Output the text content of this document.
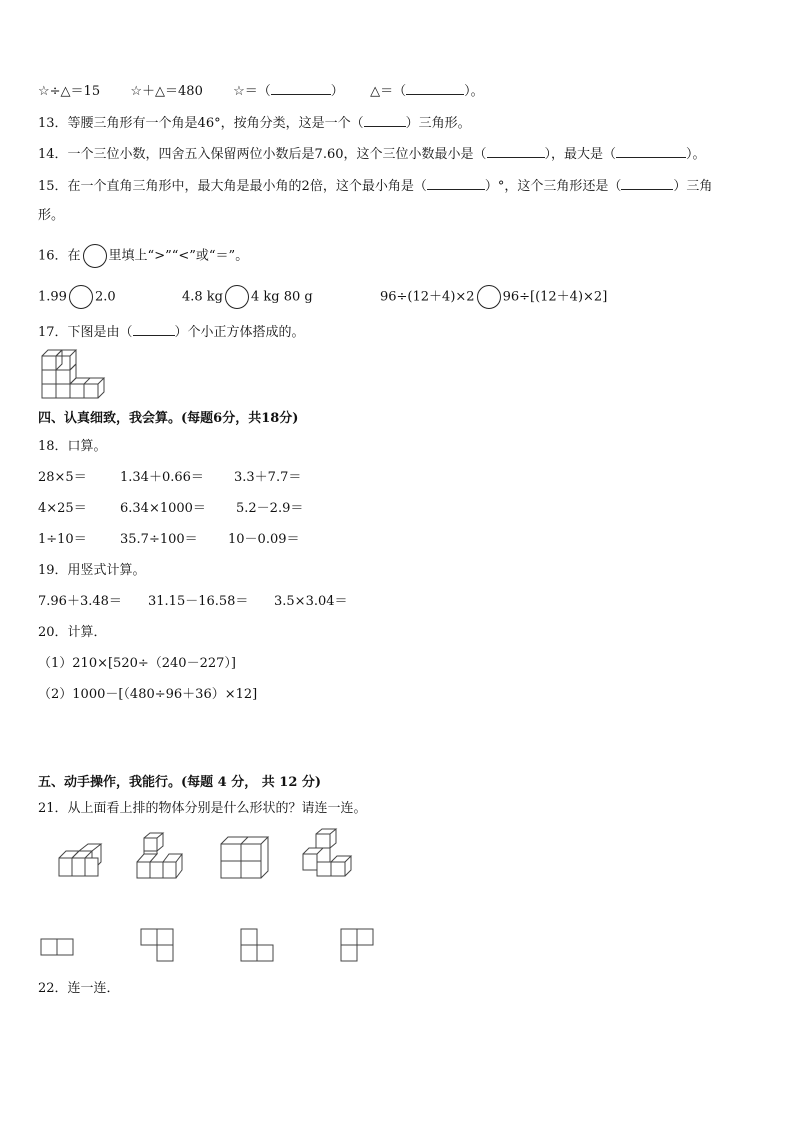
☆÷△＝15 ☆＋△＝480 ☆＝（	） △＝（	）。
13．等腰三角形有一个角是46°，按角分类，这是一个（	）三角形。
14．一个三位小数，四舍五入保留两位小数后是7.60，这个三位小数最小是（	），最大是（	）。
15．在一个直角三角形中，最大角是最小角的2倍，这个最小角是（	）°，这个三角形还是（	）三角
形。
16．在 里填上“>”“<”或“＝”。
1.99 2.0	4.8 kg 4 kg 80 g	96÷(12＋4)×2 96÷[(12＋4)×2]
17．下图是由（	）个小正方体搭成的。
四、认真细致，我会算。(每题6分，共18分)
18．口算。
28×5＝	1.34＋0.66＝ 3.3＋7.7＝
4×25＝	6.34×1000＝ 5.2－2.9＝
1÷10＝	35.7÷100＝ 10－0.09＝
19．用竖式计算。
7.96＋3.48＝ 31.15－16.58＝ 3.5×3.04＝
20．计算．
（1）210×[520÷（240－227）]
（2）1000－[（480÷96＋36）×12]
五、动手操作，我能行。(每题 4 分， 共 12 分)
21．从上面看上排的物体分别是什么形状的？请连一连。
22．连一连．
